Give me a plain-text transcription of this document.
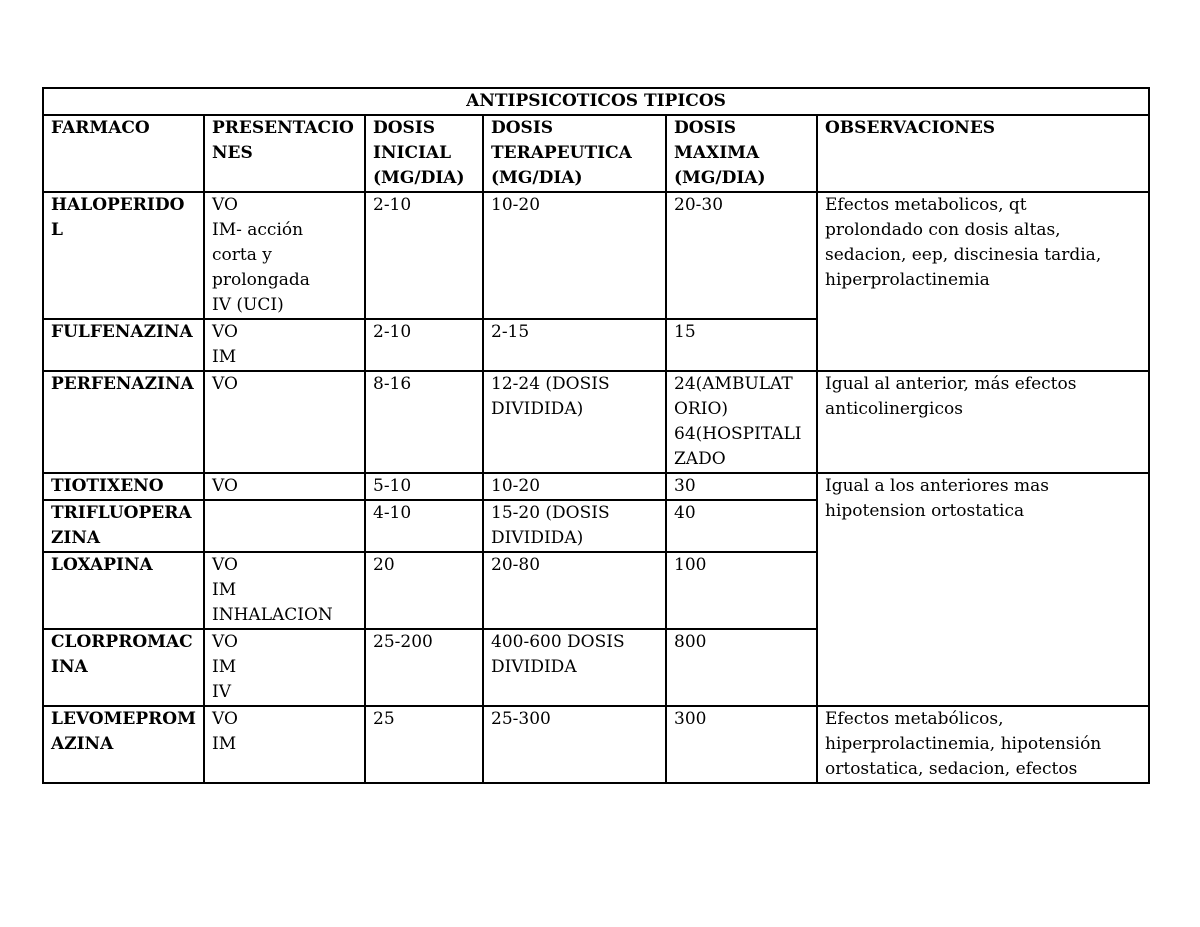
ANTIPSICOTICOS TIPICOS					

FARMACO	PRESENTACIO
NES	DOSIS
INICIAL
(MG/DIA)	DOSIS
TERAPEUTICA
(MG/DIA)	DOSIS
MAXIMA
(MG/DIA)	OBSERVACIONES

HALOPERIDOL	VO
IM- acción
corta y
prolongada
IV (UCI)	2-10	10-20	20-30	Efectos metabolicos, qt
prolondado con dosis altas,
sedacion, eep, discinesia tardia,
hiperprolactinemia

FULFENAZINA	VO
IM	2-10	2-15	15	

PERFENAZINA	VO	8-16	12-24 (DOSIS
DIVIDIDA)	24(AMBULAT
ORIO)
64(HOSPITALI
ZADO	Igual al anterior, más efectos
anticolinergicos

TIOTIXENO	VO	5-10	10-20	30	Igual a los anteriores mas
hipotension ortostatica

TRIFLUOPERA
ZINA		4-10	15-20 (DOSIS
DIVIDIDA)	40	

LOXAPINA	VO
IM
INHALACION	20	20-80	100	

CLORPROMAC
INA	VO
IM
IV	25-200	400-600 DOSIS
DIVIDIDA	800	

LEVOMEPROM
AZINA	VO
IM	25	25-300	300	Efectos metabólicos,
hiperprolactinemia, hipotensión
ortostatica, sedacion, efectos
